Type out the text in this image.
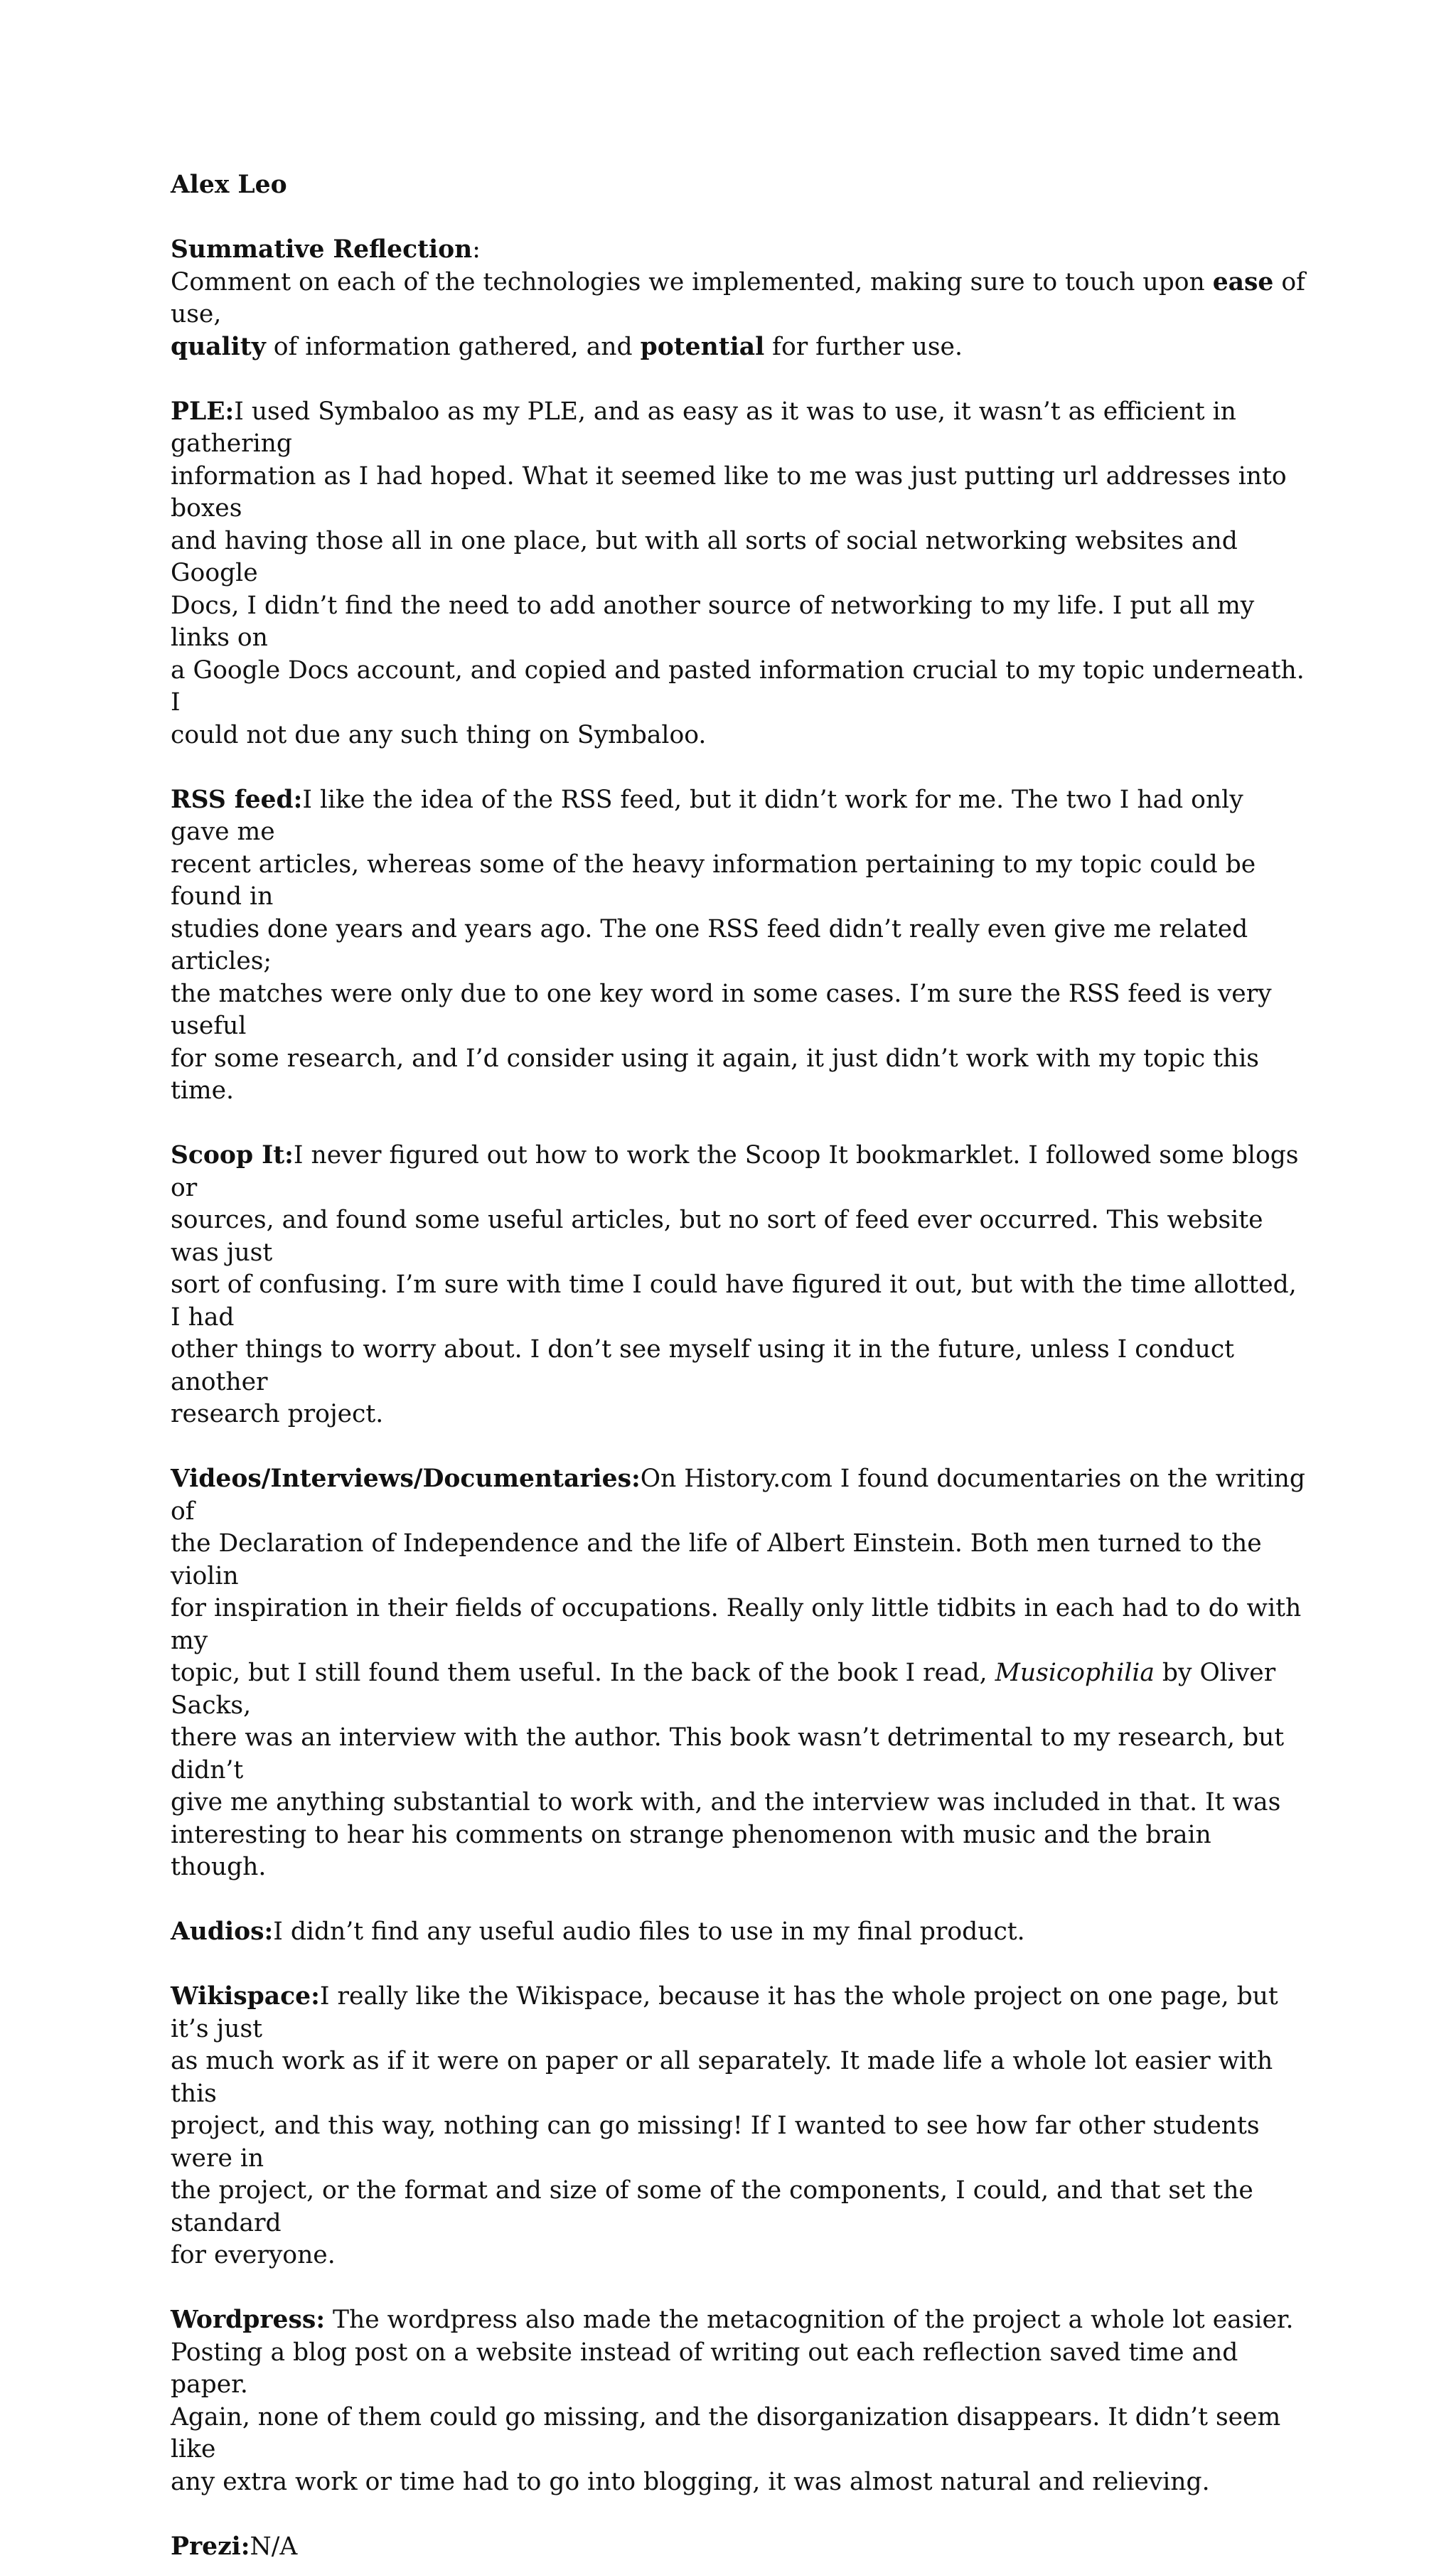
Alex Leo

Summative Reflection:

Comment on each of the technologies we implemented, making sure to touch upon ease of use,

quality of information gathered, and potential for further use.

PLE:I used Symbaloo as my PLE, and as easy as it was to use, it wasn’t as efficient in gathering

information as I had hoped. What it seemed like to me was just putting url addresses into boxes

and having those all in one place, but with all sorts of social networking websites and Google

Docs, I didn’t find the need to add another source of networking to my life. I put all my links on

a Google Docs account, and copied and pasted information crucial to my topic underneath. I

could not due any such thing on Symbaloo.

RSS feed:I like the idea of the RSS feed, but it didn’t work for me. The two I had only gave me

recent articles, whereas some of the heavy information pertaining to my topic could be found in

studies done years and years ago. The one RSS feed didn’t really even give me related articles;

the matches were only due to one key word in some cases. I’m sure the RSS feed is very useful

for some research, and I’d consider using it again, it just didn’t work with my topic this time.

Scoop It:I never figured out how to work the Scoop It bookmarklet. I followed some blogs or

sources, and found some useful articles, but no sort of feed ever occurred. This website was just

sort of confusing. I’m sure with time I could have figured it out, but with the time allotted, I had

other things to worry about. I don’t see myself using it in the future, unless I conduct another

research project.

Videos/Interviews/Documentaries:On History.com I found documentaries on the writing of

the Declaration of Independence and the life of Albert Einstein. Both men turned to the violin

for inspiration in their fields of occupations. Really only little tidbits in each had to do with my

topic, but I still found them useful. In the back of the book I read, Musicophilia by Oliver Sacks,

there was an interview with the author. This book wasn’t detrimental to my research, but didn’t

give me anything substantial to work with, and the interview was included in that. It was

interesting to hear his comments on strange phenomenon with music and the brain though.

Audios:I didn’t find any useful audio files to use in my final product.

Wikispace:I really like the Wikispace, because it has the whole project on one page, but it’s just

as much work as if it were on paper or all separately. It made life a whole lot easier with this

project, and this way, nothing can go missing! If I wanted to see how far other students were in

the project, or the format and size of some of the components, I could, and that set the standard

for everyone.

Wordpress: The wordpress also made the metacognition of the project a whole lot easier.

Posting a blog post on a website instead of writing out each reflection saved time and paper.

Again, none of them could go missing, and the disorganization disappears. It didn’t seem like

any extra work or time had to go into blogging, it was almost natural and relieving.

Prezi:N/A
